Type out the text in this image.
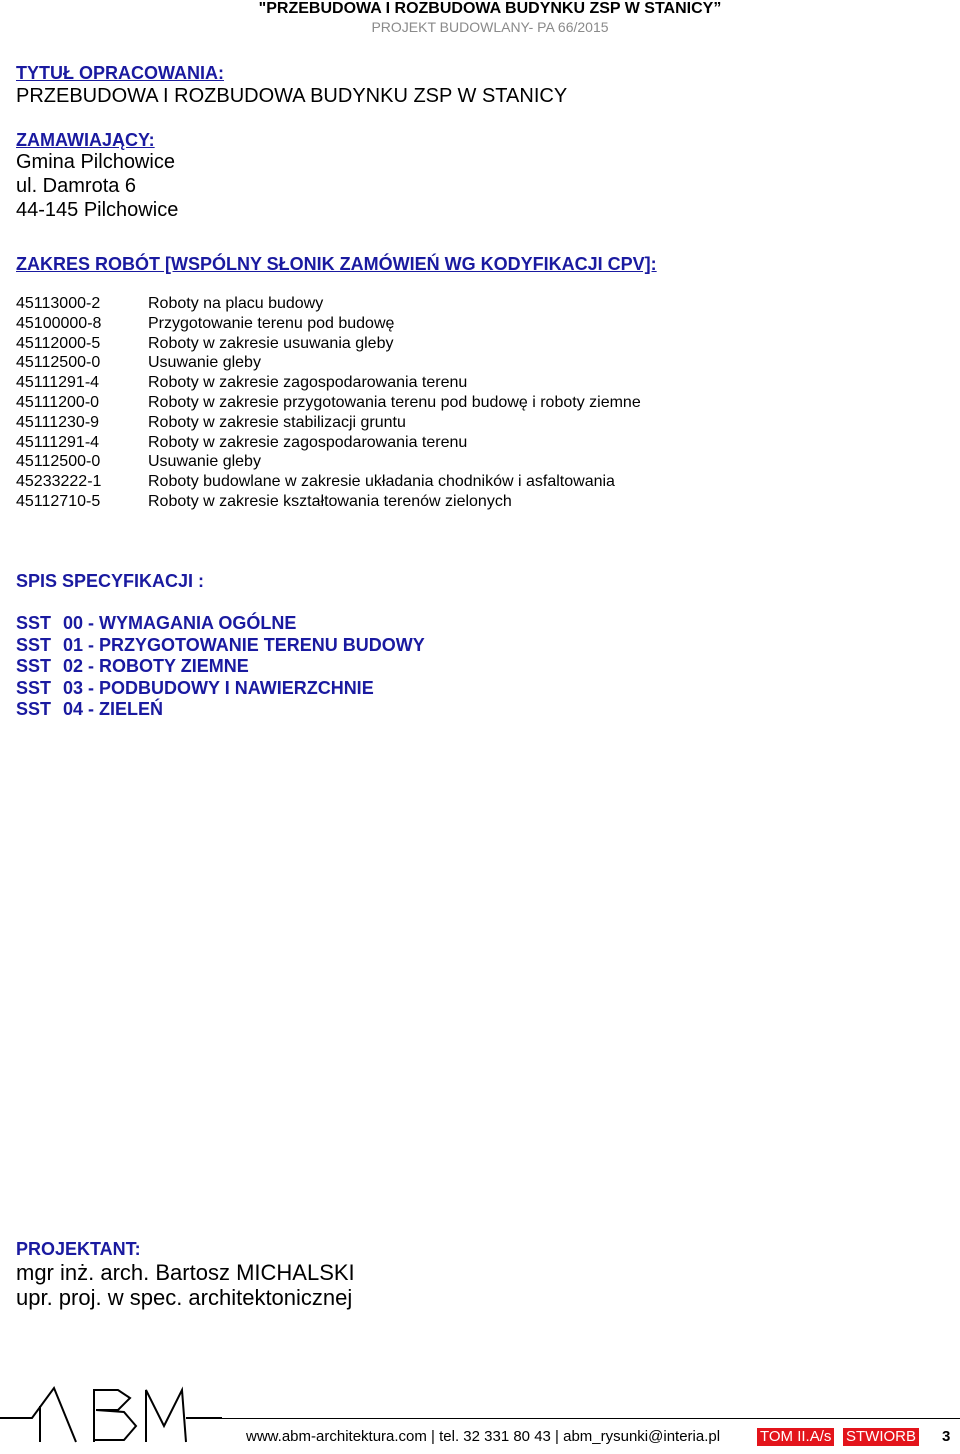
"PRZEBUDOWA I ROZBUDOWA BUDYNKU ZSP W STANICY”
PROJEKT BUDOWLANY- PA 66/2015
TYTUŁ OPRACOWANIA:
PRZEBUDOWA I ROZBUDOWA BUDYNKU ZSP W STANICY
ZAMAWIAJĄCY:
Gmina Pilchowice
ul. Damrota 6
44-145 Pilchowice
ZAKRES ROBÓT [WSPÓLNY SŁONIK ZAMÓWIEŃ WG KODYFIKACJI CPV]:
45113000-2	Roboty na placu budowy
45100000-8	Przygotowanie terenu pod budowę
45112000-5	Roboty w zakresie usuwania gleby
45112500-0	Usuwanie gleby
45111291-4	Roboty w zakresie zagospodarowania terenu
45111200-0	Roboty w zakresie przygotowania terenu pod budowę i roboty ziemne
45111230-9	Roboty w zakresie stabilizacji gruntu
45111291-4	Roboty w zakresie zagospodarowania terenu
45112500-0	Usuwanie gleby
45233222-1	Roboty budowlane w zakresie układania chodników i asfaltowania
45112710-5	Roboty w zakresie kształtowania terenów zielonych
SPIS SPECYFIKACJI :
SST 00 - WYMAGANIA OGÓLNE
SST 01 - PRZYGOTOWANIE TERENU BUDOWY
SST 02 - ROBOTY ZIEMNE
SST 03 - PODBUDOWY I NAWIERZCHNIE
SST 04 - ZIELEŃ
PROJEKTANT:
mgr inż. arch. Bartosz MICHALSKI
upr. proj. w spec. architektonicznej
www.abm-architektura.com | tel. 32 331 80 43 | abm_rysunki@interia.pl	TOM II.A/s STWIORB 3
